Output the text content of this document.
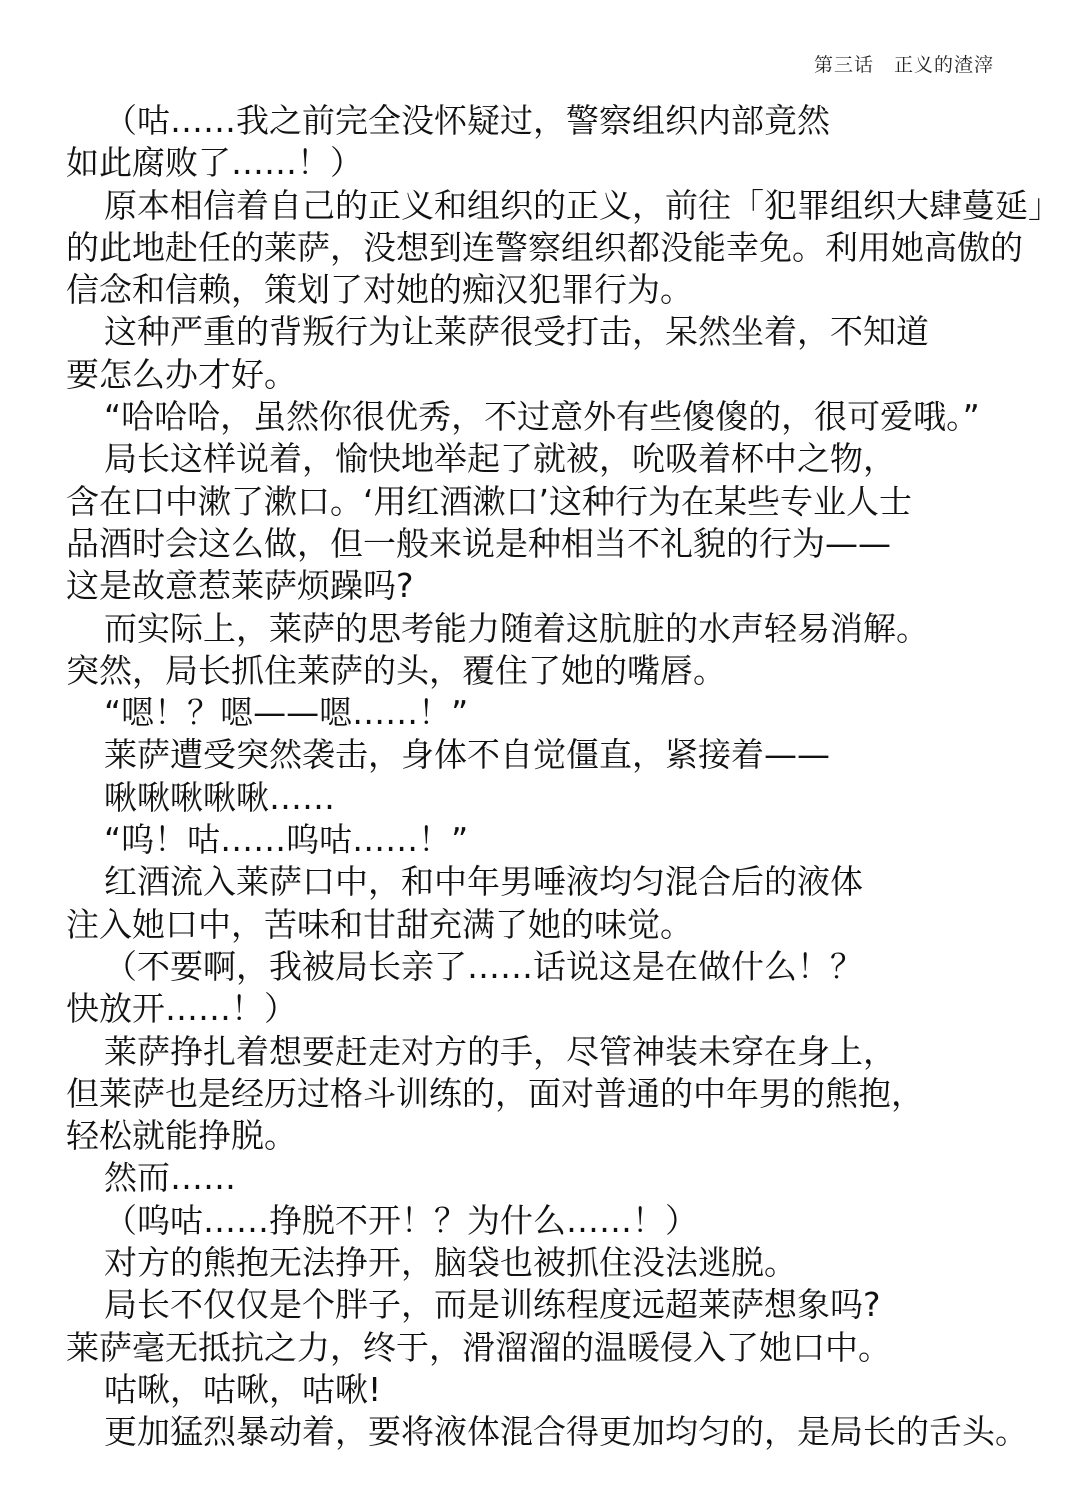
第三话　正义的渣滓
（咕……我之前完全没怀疑过，警察组织内部竟然
如此腐败了……！）
原本相信着自己的正义和组织的正义，前往「犯罪组织大肆蔓延」
的此地赴任的莱萨，没想到连警察组织都没能幸免。利用她高傲的
信念和信赖，策划了对她的痴汉犯罪行为。
这种严重的背叛行为让莱萨很受打击，呆然坐着，不知道
要怎么办才好。
“哈哈哈，虽然你很优秀，不过意外有些傻傻的，很可爱哦。”
局长这样说着，愉快地举起了就被，吮吸着杯中之物，
含在口中漱了漱口。‘用红酒漱口’这种行为在某些专业人士
品酒时会这么做，但一般来说是种相当不礼貌的行为——
这是故意惹莱萨烦躁吗?
而实际上，莱萨的思考能力随着这肮脏的水声轻易消解。
突然，局长抓住莱萨的头，覆住了她的嘴唇。
“嗯！？嗯——嗯……！”
莱萨遭受突然袭击，身体不自觉僵直，紧接着——
啾啾啾啾啾……
“呜！咕……呜咕……！”
红酒流入莱萨口中，和中年男唾液均匀混合后的液体
注入她口中，苦味和甘甜充满了她的味觉。
（不要啊，我被局长亲了……话说这是在做什么！？
快放开……！）
莱萨挣扎着想要赶走对方的手，尽管神装未穿在身上，
但莱萨也是经历过格斗训练的，面对普通的中年男的熊抱，
轻松就能挣脱。
然而……
（呜咕……挣脱不开！？为什么……！）
对方的熊抱无法挣开，脑袋也被抓住没法逃脱。
局长不仅仅是个胖子，而是训练程度远超莱萨想象吗?
莱萨毫无抵抗之力，终于，滑溜溜的温暖侵入了她口中。
咕啾，咕啾，咕啾!
更加猛烈暴动着，要将液体混合得更加均匀的，是局长的舌头。
